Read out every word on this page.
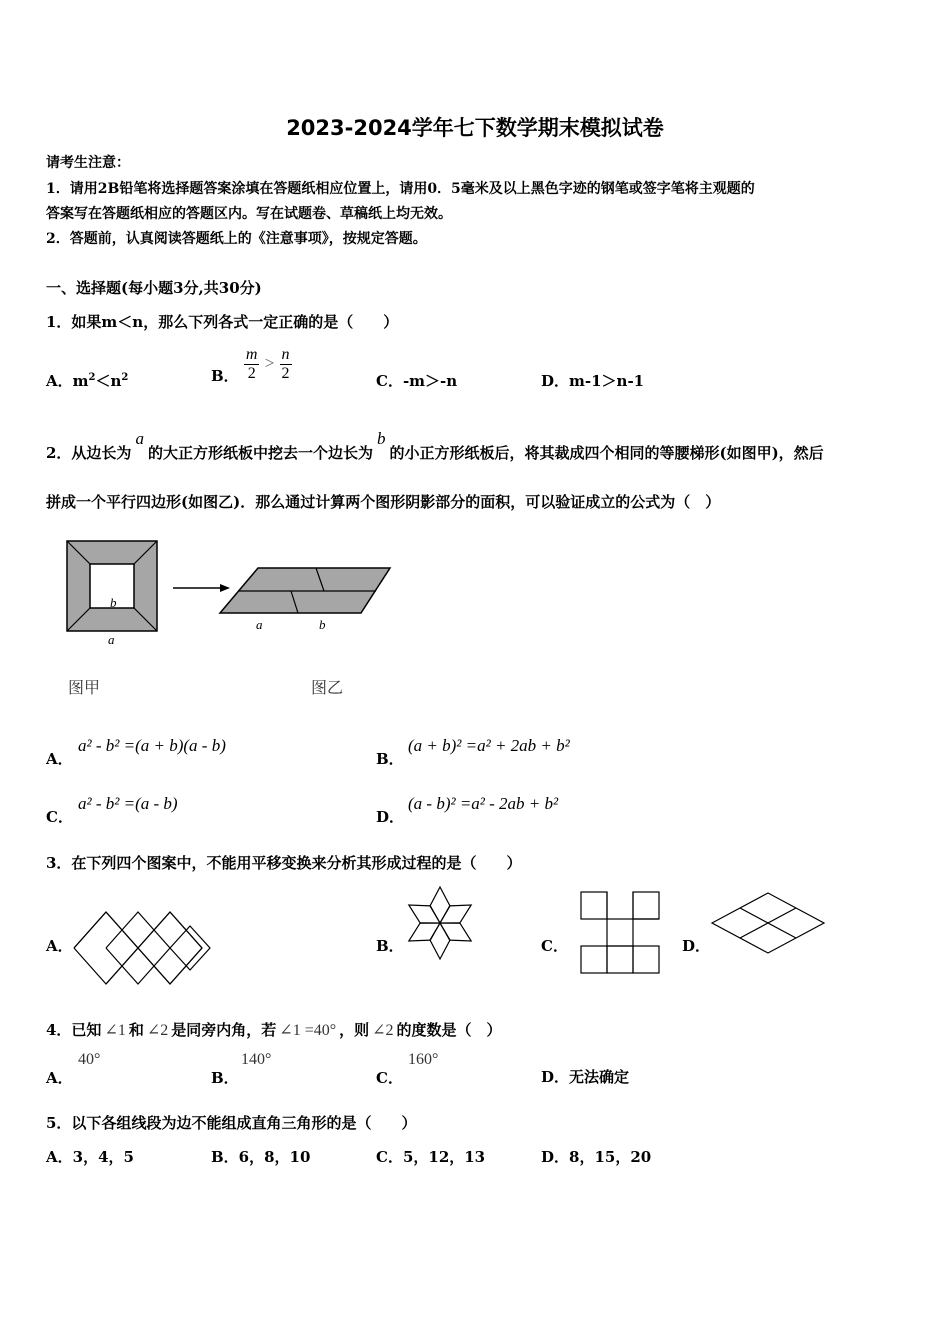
2023-2024学年七下数学期末模拟试卷
请考生注意：
1．请用2B铅笔将选择题答案涂填在答题纸相应位置上，请用0．5毫米及以上黑色字迹的钢笔或签字笔将主观题的
答案写在答题纸相应的答题区内。写在试题卷、草稿纸上均无效。
2．答题前，认真阅读答题纸上的《注意事项》，按规定答题。
一、选择题(每小题3分,共30分)
1．如果m＜n，那么下列各式一定正确的是（　　）
A．$m^2<n^2$	B． $\frac{m}{2} > \frac{n}{2}$	C．-m＞-n	D．m-1＞n-1
2．从边长为a的大正方形纸板中挖去一个边长为b的小正方形纸板后，将其裁成四个相同的等腰梯形(如图甲)，然后
拼成一个平行四边形(如图乙)．那么通过计算两个图形阴影部分的面积，可以验证成立的公式为（　）
b
a
a	b
图甲	图乙
A．
a² - b² =(a + b)(a - b)
B．
(a + b)² =a² + 2ab + b²
C．
a² - b² =(a - b)
D．
(a - b)² =a² - 2ab + b²
3．在下列四个图案中，不能用平移变换来分析其形成过程的是（　　）
A．	B．	C．	D．
4．已知 ∠1 和 ∠2 是同旁内角，若 ∠1 =40° ，则 ∠2 的度数是（　）
A．
40°
B．
140°
C．
160°
D．无法确定
5．以下各组线段为边不能组成直角三角形的是（　　）
A．3，4，5	B．6，8，10	C．5，12，13	D．8，15，20
